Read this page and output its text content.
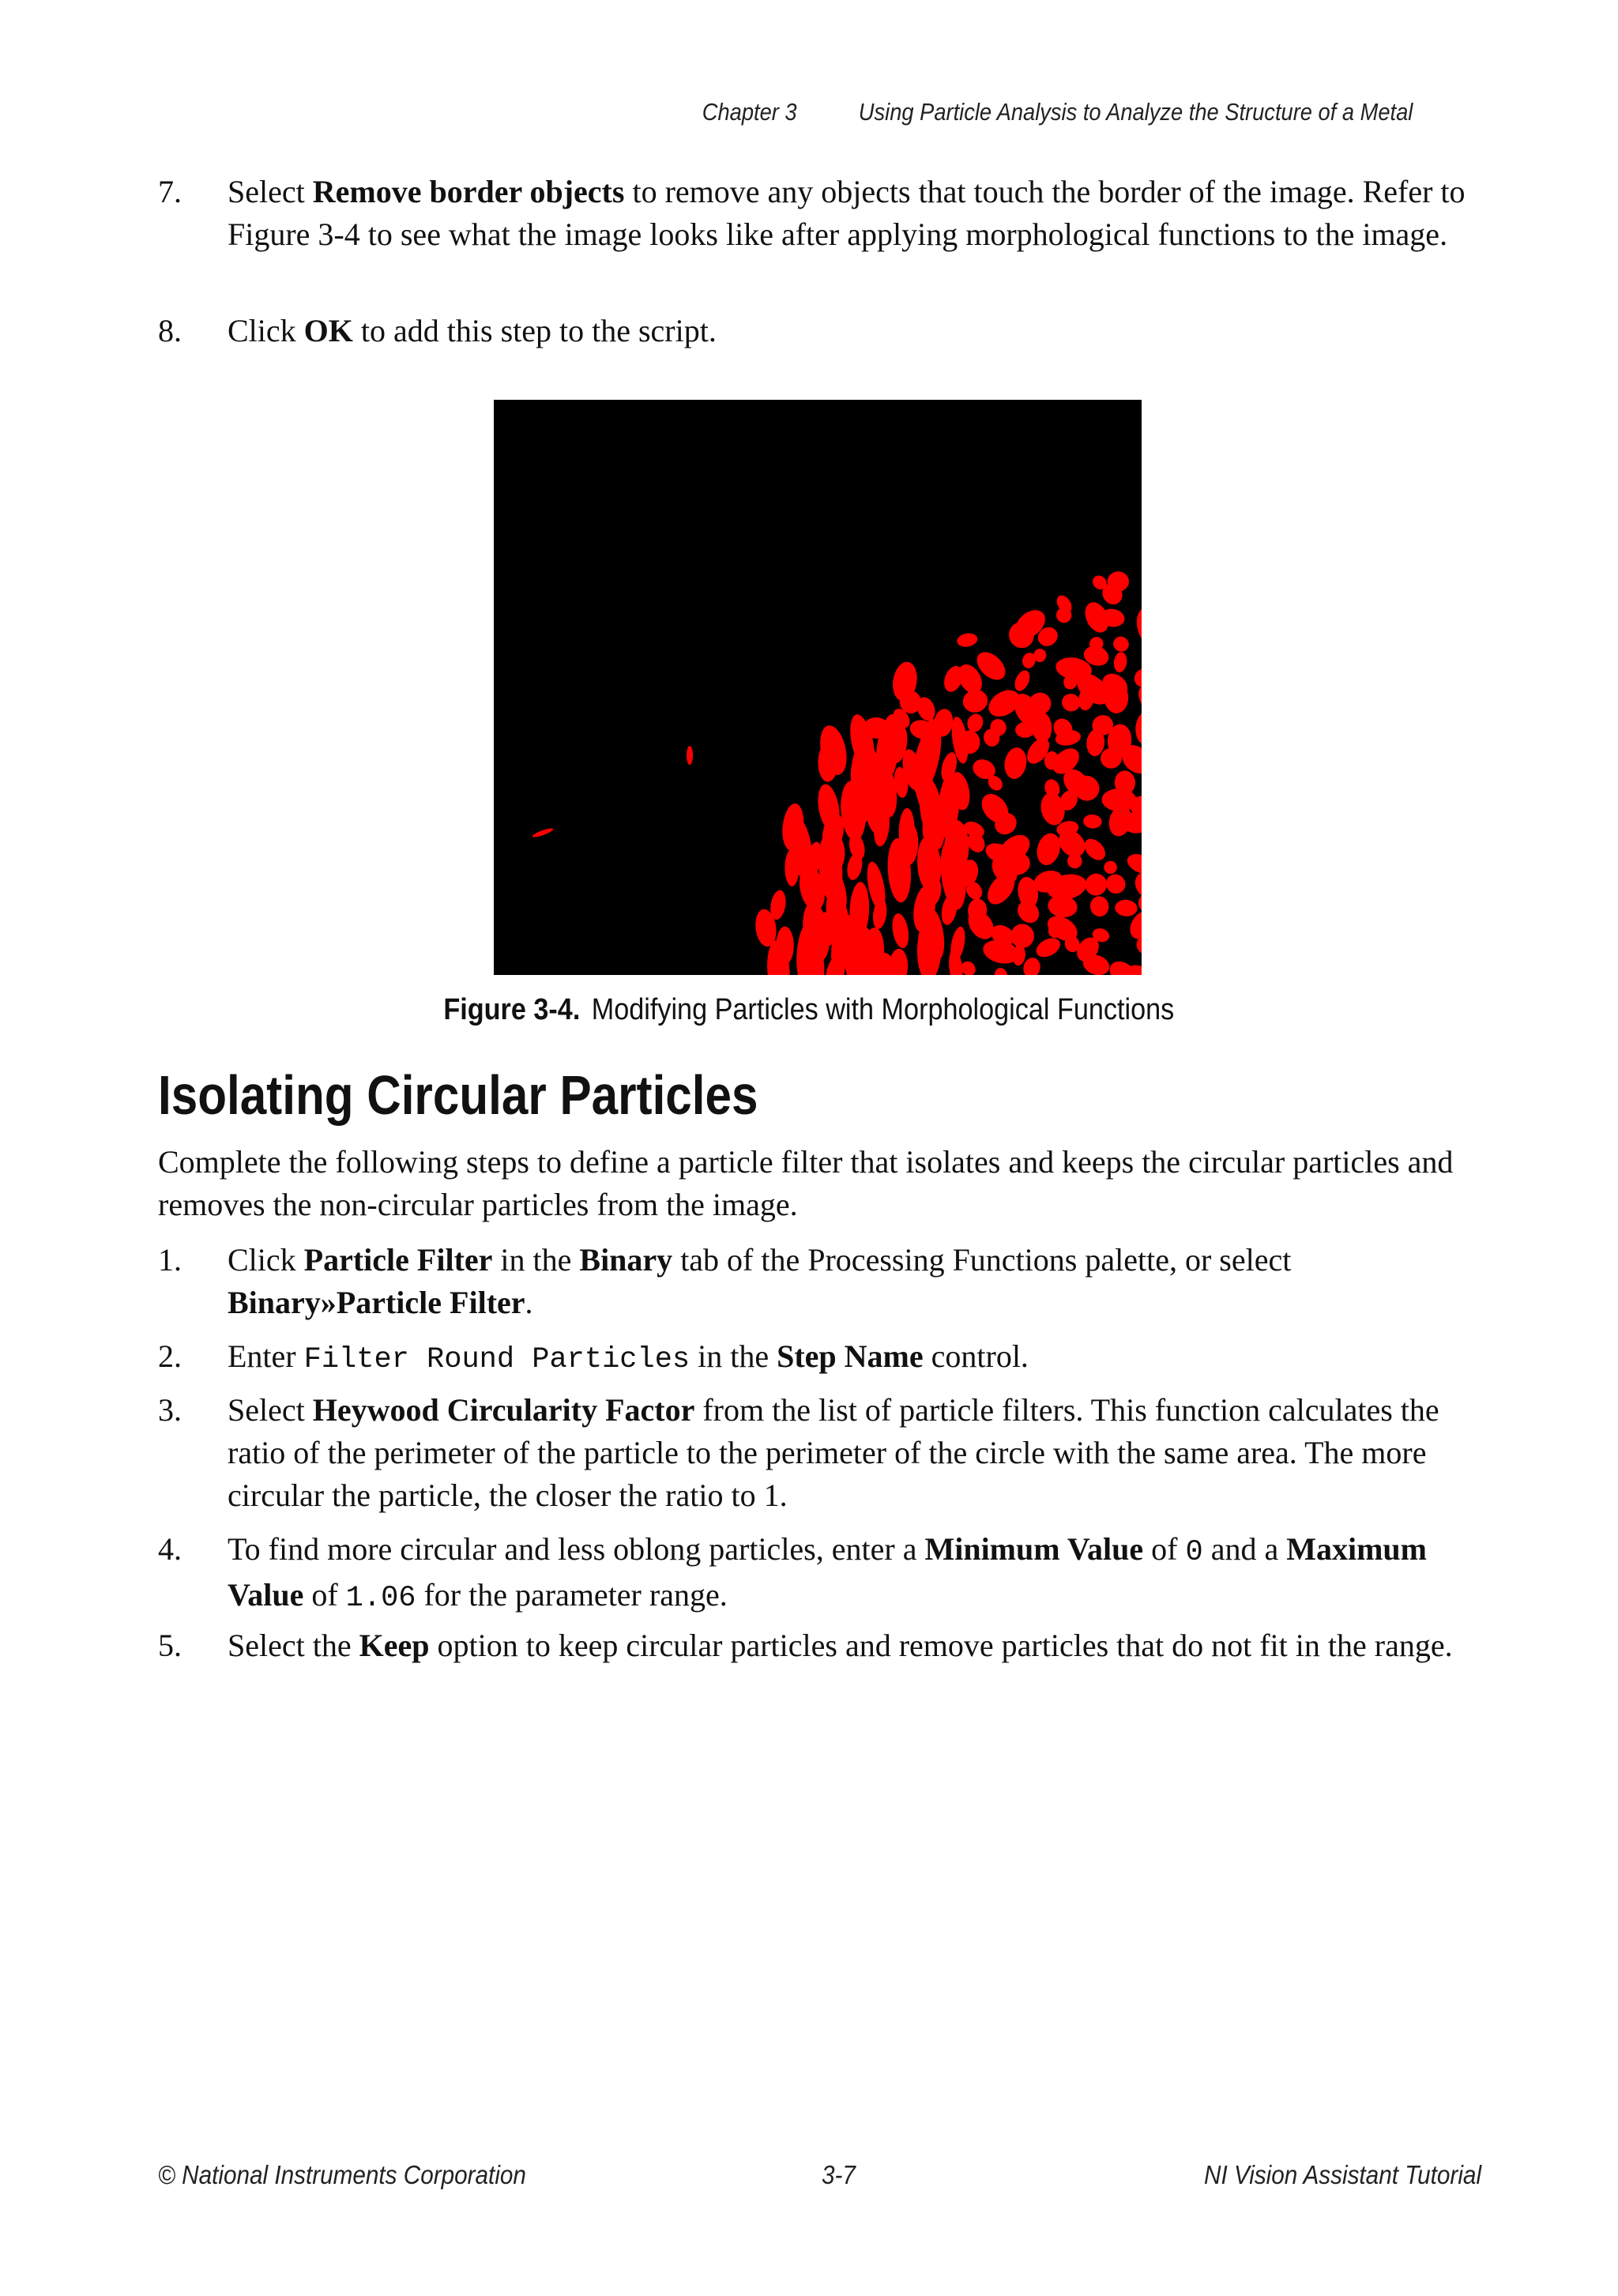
Chapter 3	Using Particle Analysis to Analyze the Structure of a Metal
7.	Select Remove border objects to remove any objects that touch the border of the image. Refer to Figure 3-4 to see what the image looks like after applying morphological functions to the image.
8.	Click OK to add this step to the script.
Figure 3-4. Modifying Particles with Morphological Functions
Isolating Circular Particles

Complete the following steps to define a particle filter that isolates and keeps the circular particles and removes the non-circular particles from the image.

1.	Click Particle Filter in the Binary tab of the Processing Functions palette, or select Binary»Particle Filter.
2.	Enter Filter Round Particles in the Step Name control.
3.	Select Heywood Circularity Factor from the list of particle filters. This function calculates the ratio of the perimeter of the particle to the perimeter of the circle with the same area. The more circular the particle, the closer the ratio to 1.
4.	To find more circular and less oblong particles, enter a Minimum Value of 0 and a Maximum Value of 1.06 for the parameter range.
5.	Select the Keep option to keep circular particles and remove particles that do not fit in the range.
© National Instruments Corporation	3-7	NI Vision Assistant Tutorial
